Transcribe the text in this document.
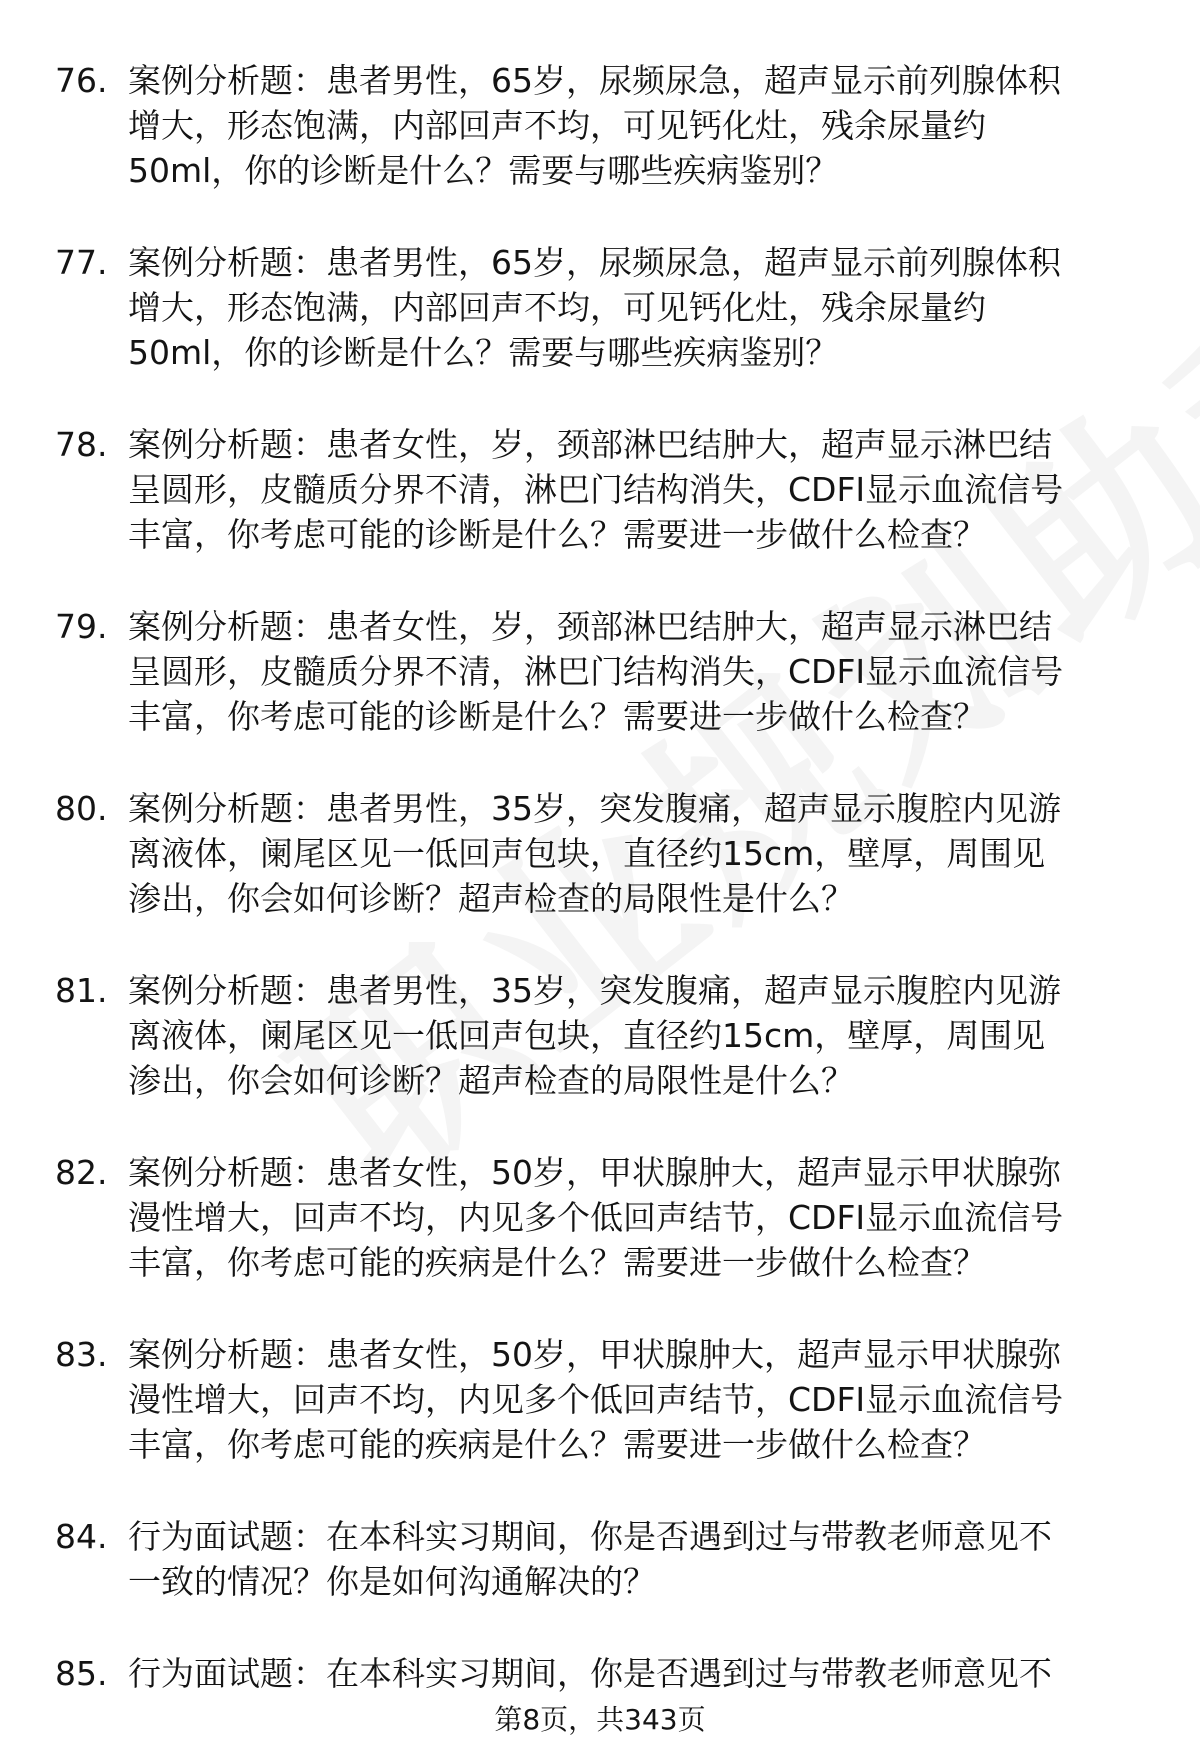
76. 案例分析题：患者男性，65岁，尿频尿急，超声显示前列腺体积
增大，形态饱满，内部回声不均，可见钙化灶，残余尿量约
50ml，你的诊断是什么？需要与哪些疾病鉴别？
77. 案例分析题：患者男性，65岁，尿频尿急，超声显示前列腺体积
增大，形态饱满，内部回声不均，可见钙化灶，残余尿量约
50ml，你的诊断是什么？需要与哪些疾病鉴别？
78. 案例分析题：患者女性，岁，颈部淋巴结肿大，超声显示淋巴结
呈圆形，皮髓质分界不清，淋巴门结构消失，CDFI显示血流信号
丰富，你考虑可能的诊断是什么？需要进一步做什么检查？
79. 案例分析题：患者女性，岁，颈部淋巴结肿大，超声显示淋巴结
呈圆形，皮髓质分界不清，淋巴门结构消失，CDFI显示血流信号
丰富，你考虑可能的诊断是什么？需要进一步做什么检查？
80. 案例分析题：患者男性，35岁，突发腹痛，超声显示腹腔内见游
离液体，阑尾区见一低回声包块，直径约15cm，壁厚，周围见
渗出，你会如何诊断？超声检查的局限性是什么？
81. 案例分析题：患者男性，35岁，突发腹痛，超声显示腹腔内见游
离液体，阑尾区见一低回声包块，直径约15cm，壁厚，周围见
渗出，你会如何诊断？超声检查的局限性是什么？
82. 案例分析题：患者女性，50岁，甲状腺肿大，超声显示甲状腺弥
漫性增大，回声不均，内见多个低回声结节，CDFI显示血流信号
丰富，你考虑可能的疾病是什么？需要进一步做什么检查？
83. 案例分析题：患者女性，50岁，甲状腺肿大，超声显示甲状腺弥
漫性增大，回声不均，内见多个低回声结节，CDFI显示血流信号
丰富，你考虑可能的疾病是什么？需要进一步做什么检查？
84. 行为面试题：在本科实习期间，你是否遇到过与带教老师意见不
一致的情况？你是如何沟通解决的？
85. 行为面试题：在本科实习期间，你是否遇到过与带教老师意见不
第8页，共343页
